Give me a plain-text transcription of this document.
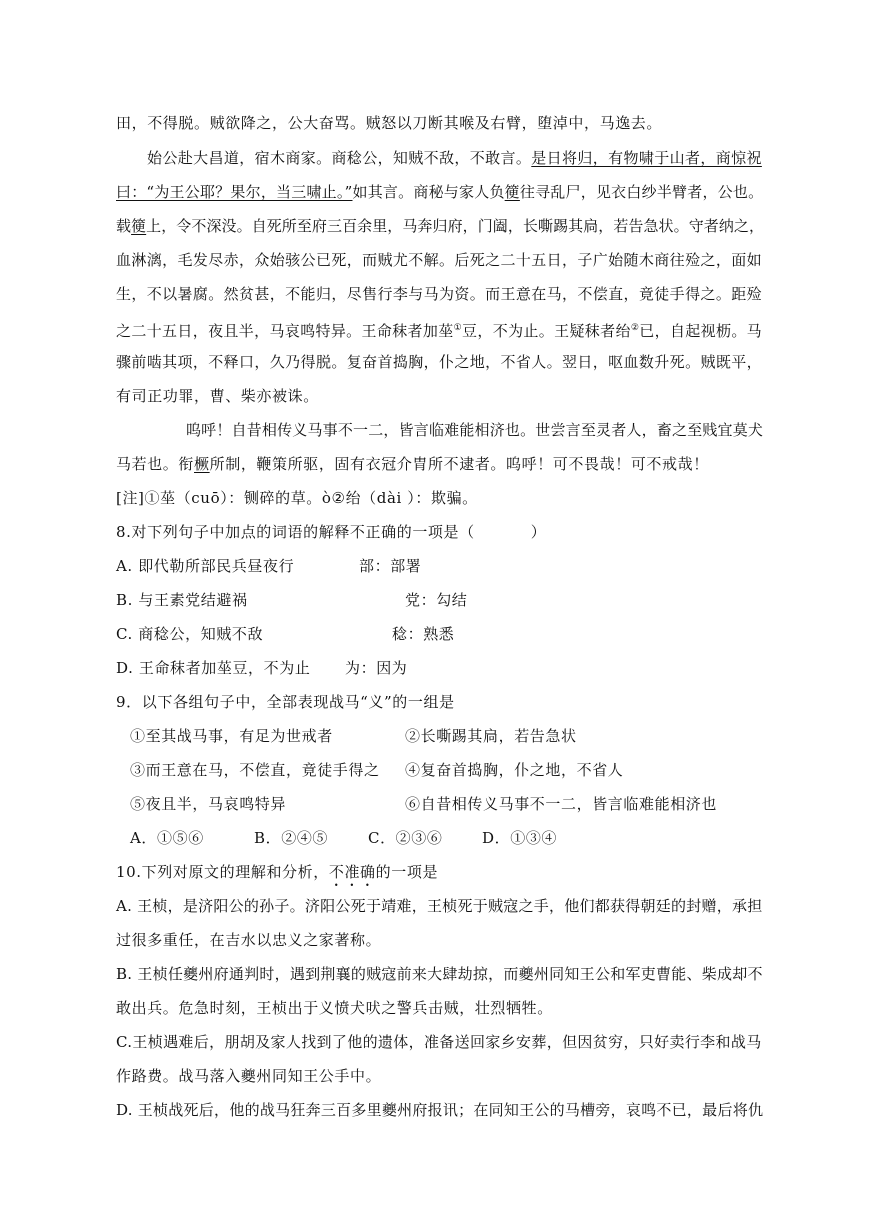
田，不得脱。贼欲降之，公大奋骂。贼怒以刀断其喉及右臂，堕淖中，马逸去。
始公赴大昌道，宿木商家。商稔公，知贼不敌，不敢言。是日将归，有物啸于山者，商惊祝
曰：“为王公耶？果尔，当三啸止。”如其言。商秘与家人负箯往寻乱尸，见衣白纱半臂者，公也。
载箯上，令不深没。自死所至府三百余里，马奔归府，门阖，长嘶踢其扃，若告急状。守者纳之，
血淋漓，毛发尽赤，众始骇公已死，而贼尤不解。后死之二十五日，子广始随木商往殓之，面如
生，不以暑腐。然贫甚，不能归，尽售行李与马为资。而王意在马，不偿直，竟徒手得之。距殓
之二十五日，夜且半，马哀鸣特异。王命秣者加莝①豆，不为止。王疑秣者绐②已，自起视枥。马
骤前啮其项，不释口，久乃得脱。复奋首捣胸，仆之地，不省人。翌日，呕血数升死。贼既平，
有司正功罪，曹、柴亦被诛。
呜呼！自昔相传义马事不一二，皆言临难能相济也。世尝言至灵者人，畜之至贱宜莫犬
马若也。衔橛所制，鞭策所驱，固有衣冠介胄所不逮者。呜呼！可不畏哉！可不戒哉！
[注]①莝（cuō）：铡碎的草。ò②绐（dài ）：欺骗。
8.对下列句子中加点的词语的解释不正确的一项是（	）
A. 即代勒所部民兵昼夜行	部：部署
B. 与王素党结避祸	党：勾结
C. 商稔公，知贼不敌	稔：熟悉
D. 王命秣者加莝豆，不为止 为：因为
9．以下各组句子中，全部表现战马“义”的一组是
①至其战马事，有足为世戒者	②长嘶踢其扃，若告急状
③而王意在马，不偿直，竟徒手得之 ④复奋首捣胸，仆之地，不省人
⑤夜且半，马哀鸣特异	⑥自昔相传义马事不一二，皆言临难能相济也
A．①⑤⑥	B．②④⑤	C．②③⑥	D．①③④
10.下列对原文的理解和分析，不准确的一项是
A. 王桢，是济阳公的孙子。济阳公死于靖难，王桢死于贼寇之手，他们都获得朝廷的封赠，承担
过很多重任，在吉水以忠义之家著称。
B. 王桢任夔州府通判时，遇到荆襄的贼寇前来大肆劫掠，而夔州同知王公和军吏曹能、柴成却不
敢出兵。危急时刻，王桢出于义愤犬吠之警兵击贼，壮烈牺牲。
C.王桢遇难后，朋胡及家人找到了他的遗体，准备送回家乡安葬，但因贫穷，只好卖行李和战马
作路费。战马落入夔州同知王公手中。
D. 王桢战死后，他的战马狂奔三百多里夔州府报讯；在同知王公的马槽旁，哀鸣不已，最后将仇
